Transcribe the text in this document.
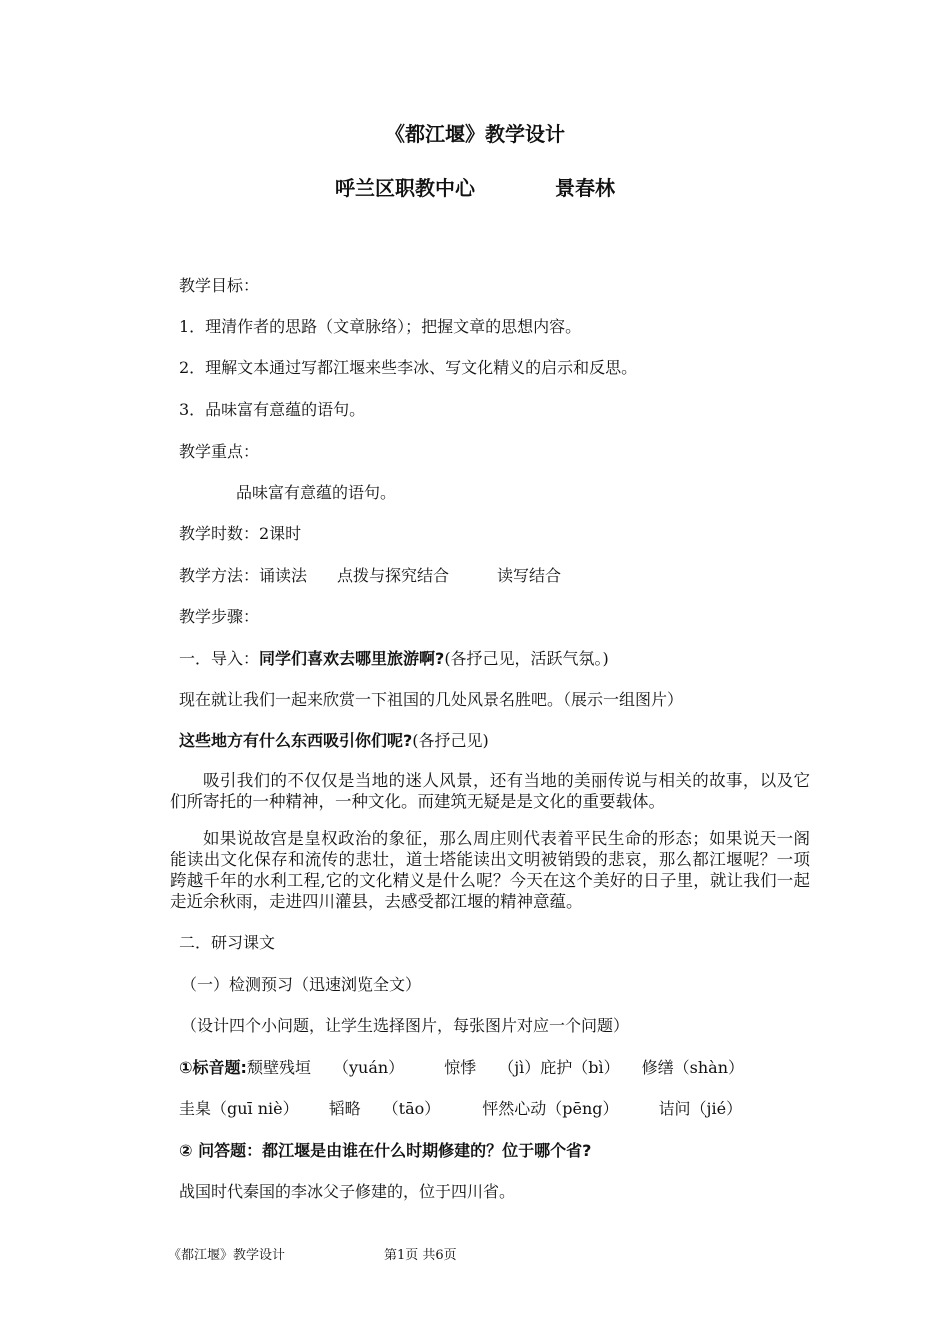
《都江堰》教学设计
呼兰区职教中心	景春林
教学目标：
1．理清作者的思路（文章脉络）；把握文章的思想内容。
2．理解文本通过写都江堰来些李冰、写文化精义的启示和反思。
3．品味富有意蕴的语句。
教学重点：
品味富有意蕴的语句。
教学时数：2课时
教学方法：诵读法 点拨与探究结合	读写结合
教学步骤：
一．导入：同学们喜欢去哪里旅游啊?(各抒己见，活跃气氛。)
现在就让我们一起来欣赏一下祖国的几处风景名胜吧。（展示一组图片）
这些地方有什么东西吸引你们呢?(各抒己见)

吸引我们的不仅仅是当地的迷人风景，还有当地的美丽传说与相关的故事，以及它们所寄托的一种精神，一种文化。而建筑无疑是是文化的重要载体。

如果说故宫是皇权政治的象征，那么周庄则代表着平民生命的形态；如果说天一阁能读出文化保存和流传的悲壮，道士塔能读出文明被销毁的悲哀，那么都江堰呢？一项跨越千年的水利工程,它的文化精义是什么呢？今天在这个美好的日子里，就让我们一起走近余秋雨，走进四川灌县，去感受都江堰的精神意蕴。

二．研习课文
（一）检测预习（迅速浏览全文）
（设计四个小问题，让学生选择图片，每张图片对应一个问题）
①标音题:颓壁残垣 （yuán）	惊悸 （jì）庇护（bì） 修缮（shàn）
圭臬（guī niè） 韬略 （tāo）	怦然心动（pēng）	诘问（jié）
② 问答题：都江堰是由谁在什么时期修建的？位于哪个省?
战国时代秦国的李冰父子修建的，位于四川省。
《都江堰》教学设计	第1页 共6页
